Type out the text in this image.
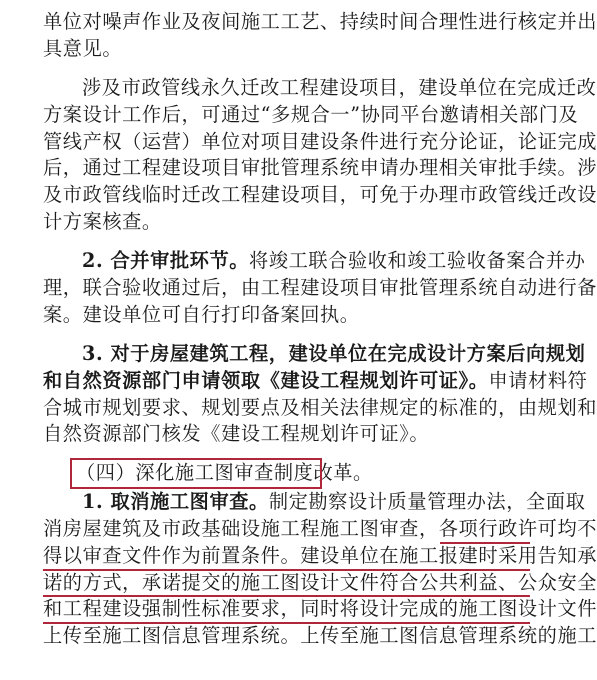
单位对噪声作业及夜间施工工艺、持续时间合理性进行核定并出
具意见。
涉及市政管线永久迁改工程建设项目，建设单位在完成迁改
方案设计工作后，可通过“多规合一”协同平台邀请相关部门及
管线产权（运营）单位对项目建设条件进行充分论证，论证完成
后，通过工程建设项目审批管理系统申请办理相关审批手续。涉
及市政管线临时迁改工程建设项目，可免于办理市政管线迁改设
计方案核查。
2. 合并审批环节。将竣工联合验收和竣工验收备案合并办
理，联合验收通过后，由工程建设项目审批管理系统自动进行备
案。建设单位可自行打印备案回执。
3. 对于房屋建筑工程，建设单位在完成设计方案后向规划
和自然资源部门申请领取《建设工程规划许可证》。申请材料符
合城市规划要求、规划要点及相关法律规定的标准的，由规划和
自然资源部门核发《建设工程规划许可证》。
（四）深化施工图审查制度改革。
1. 取消施工图审查。制定勘察设计质量管理办法，全面取
消房屋建筑及市政基础设施工程施工图审查，各项行政许可均不
得以审查文件作为前置条件。建设单位在施工报建时采用告知承
诺的方式，承诺提交的施工图设计文件符合公共利益、公众安全
和工程建设强制性标准要求，同时将设计完成的施工图设计文件
上传至施工图信息管理系统。上传至施工图信息管理系统的施工
